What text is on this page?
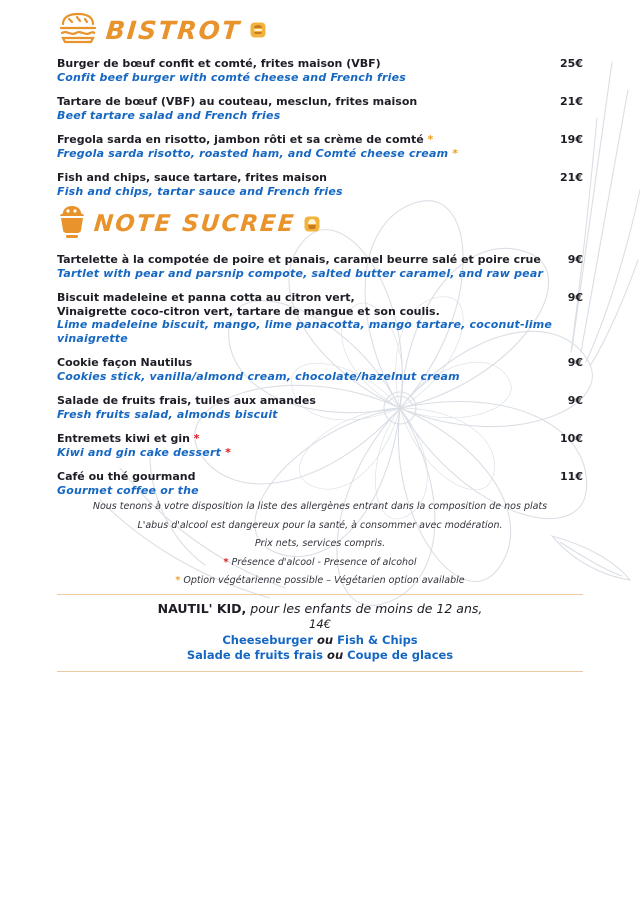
BISTROT
Burger de bœuf confit et comté, frites maison (VBF)	25€
Confit beef burger with comté cheese and French fries
Tartare de bœuf (VBF) au couteau, mesclun, frites maison	21€
Beef tartare salad and French fries
Fregola sarda en risotto, jambon rôti et sa crème de comté *	19€
Fregola sarda risotto, roasted ham, and Comté cheese cream *
Fish and chips, sauce tartare, frites maison	21€
Fish and chips, tartar sauce and French fries
NOTE SUCREE
Tartelette à la compotée de poire et panais, caramel beurre salé et poire crue 9€
Tartlet with pear and parsnip compote, salted butter caramel, and raw pear
Biscuit madeleine et panna cotta au citron vert,	9€
Vinaigrette coco-citron vert, tartare de mangue et son coulis.
Lime madeleine biscuit, mango, lime panacotta, mango tartare, coconut-lime vinaigrette
Cookie façon Nautilus	9€
Cookies stick, vanilla/almond cream, chocolate/hazelnut cream
Salade de fruits frais, tuiles aux amandes	9€
Fresh fruits salad, almonds biscuit
Entremets kiwi et gin *	10€
Kiwi and gin cake dessert *
Café ou thé gourmand	11€
Gourmet coffee or the
Nous tenons à votre disposition la liste des allergènes entrant dans la composition de nos plats
L'abus d'alcool est dangereux pour la santé, à consommer avec modération.
Prix nets, services compris.
* Présence d'alcool - Presence of alcohol
* Option végétarienne possible – Végétarien option available
NAUTIL' KID, pour les enfants de moins de 12 ans,
14€
Cheeseburger ou Fish & Chips
Salade de fruits frais ou Coupe de glaces
